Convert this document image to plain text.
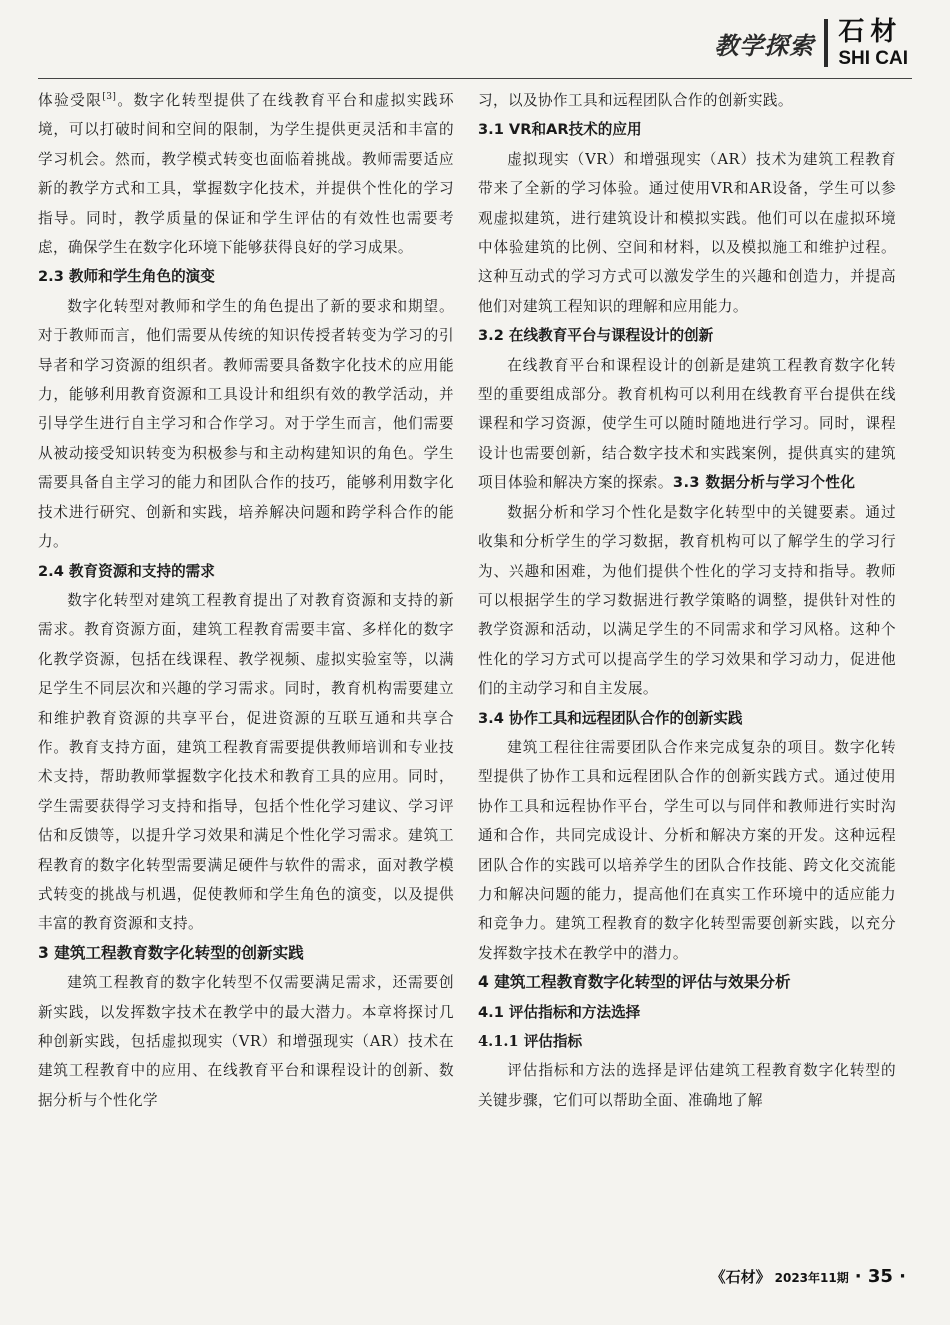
教学探索 石材
SHI CAI

体验受限[3]。数字化转型提供了在线教育平台和虚拟实践环境，可以打破时间和空间的限制，为学生提供更灵活和丰富的学习机会。然而，教学模式转变也面临着挑战。教师需要适应新的教学方式和工具，掌握数字化技术，并提供个性化的学习指导。同时，教学质量的保证和学生评估的有效性也需要考虑，确保学生在数字化环境下能够获得良好的学习成果。

2.3 教师和学生角色的演变

数字化转型对教师和学生的角色提出了新的要求和期望。对于教师而言，他们需要从传统的知识传授者转变为学习的引导者和学习资源的组织者。教师需要具备数字化技术的应用能力，能够利用教育资源和工具设计和组织有效的教学活动，并引导学生进行自主学习和合作学习。对于学生而言，他们需要从被动接受知识转变为积极参与和主动构建知识的角色。学生需要具备自主学习的能力和团队合作的技巧，能够利用数字化技术进行研究、创新和实践，培养解决问题和跨学科合作的能力。

2.4 教育资源和支持的需求

数字化转型对建筑工程教育提出了对教育资源和支持的新需求。教育资源方面，建筑工程教育需要丰富、多样化的数字化教学资源，包括在线课程、教学视频、虚拟实验室等，以满足学生不同层次和兴趣的学习需求。同时，教育机构需要建立和维护教育资源的共享平台，促进资源的互联互通和共享合作。教育支持方面，建筑工程教育需要提供教师培训和专业技术支持，帮助教师掌握数字化技术和教育工具的应用。同时，学生需要获得学习支持和指导，包括个性化学习建议、学习评估和反馈等，以提升学习效果和满足个性化学习需求。建筑工程教育的数字化转型需要满足硬件与软件的需求，面对教学模式转变的挑战与机遇，促使教师和学生角色的演变，以及提供丰富的教育资源和支持。

3 建筑工程教育数字化转型的创新实践

建筑工程教育的数字化转型不仅需要满足需求，还需要创新实践，以发挥数字技术在教学中的最大潜力。本章将探讨几种创新实践，包括虚拟现实（VR）和增强现实（AR）技术在建筑工程教育中的应用、在线教育平台和课程设计的创新、数据分析与个性化学

习，以及协作工具和远程团队合作的创新实践。

3.1 VR和AR技术的应用

虚拟现实（VR）和增强现实（AR）技术为建筑工程教育带来了全新的学习体验。通过使用VR和AR设备，学生可以参观虚拟建筑，进行建筑设计和模拟实践。他们可以在虚拟环境中体验建筑的比例、空间和材料，以及模拟施工和维护过程。这种互动式的学习方式可以激发学生的兴趣和创造力，并提高他们对建筑工程知识的理解和应用能力。

3.2 在线教育平台与课程设计的创新

在线教育平台和课程设计的创新是建筑工程教育数字化转型的重要组成部分。教育机构可以利用在线教育平台提供在线课程和学习资源，使学生可以随时随地进行学习。同时，课程设计也需要创新，结合数字技术和实践案例，提供真实的建筑项目体验和解决方案的探索。3.3 数据分析与学习个性化

数据分析和学习个性化是数字化转型中的关键要素。通过收集和分析学生的学习数据，教育机构可以了解学生的学习行为、兴趣和困难，为他们提供个性化的学习支持和指导。教师可以根据学生的学习数据进行教学策略的调整，提供针对性的教学资源和活动，以满足学生的不同需求和学习风格。这种个性化的学习方式可以提高学生的学习效果和学习动力，促进他们的主动学习和自主发展。

3.4 协作工具和远程团队合作的创新实践

建筑工程往往需要团队合作来完成复杂的项目。数字化转型提供了协作工具和远程团队合作的创新实践方式。通过使用协作工具和远程协作平台，学生可以与同伴和教师进行实时沟通和合作，共同完成设计、分析和解决方案的开发。这种远程团队合作的实践可以培养学生的团队合作技能、跨文化交流能力和解决问题的能力，提高他们在真实工作环境中的适应能力和竞争力。建筑工程教育的数字化转型需要创新实践，以充分发挥数字技术在教学中的潜力。

4 建筑工程教育数字化转型的评估与效果分析

4.1 评估指标和方法选择

4.1.1 评估指标

评估指标和方法的选择是评估建筑工程教育数字化转型的关键步骤，它们可以帮助全面、准确地了解

《石材》 2023年11期 · 35 ·
